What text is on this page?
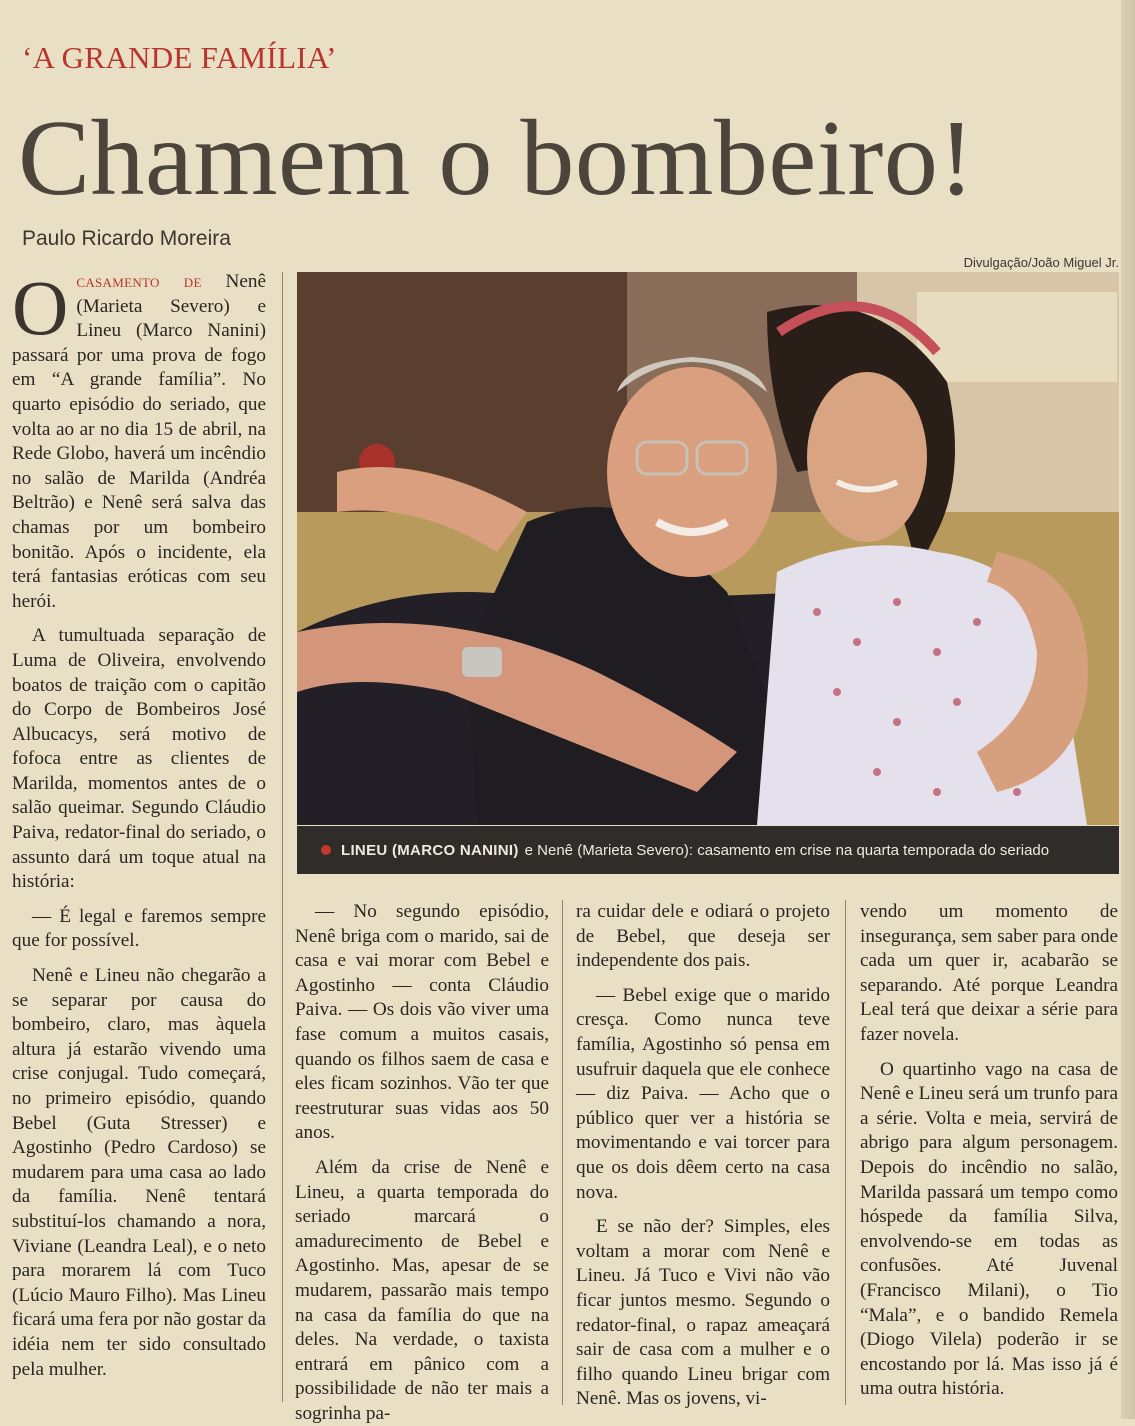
‘A GRANDE FAMÍLIA’
Chamem o bombeiro!
Paulo Ricardo Moreira
Divulgação/João Miguel Jr.
LINEU (MARCO NANINI) e Nenê (Marieta Severo): casamento em crise na quarta temporada do seriado

Ocasamento de Nenê (Marieta Severo) e Lineu (Marco Nanini) passará por uma prova de fogo em “A grande família”. No quarto episódio do seriado, que volta ao ar no dia 15 de abril, na Rede Globo, haverá um incêndio no salão de Marilda (Andréa Beltrão) e Nenê será salva das chamas por um bombeiro bonitão. Após o incidente, ela terá fantasias eróticas com seu herói.

A tumultuada separação de Luma de Oliveira, envolvendo boatos de traição com o capitão do Corpo de Bombeiros José Albucacys, será motivo de fofoca entre as clientes de Marilda, momentos antes de o salão queimar. Segundo Cláudio Paiva, redator-final do seriado, o assunto dará um toque atual na história:

— É legal e faremos sempre que for possível.

Nenê e Lineu não chegarão a se separar por causa do bombeiro, claro, mas àquela altura já estarão vivendo uma crise conjugal. Tudo começará, no primeiro episódio, quando Bebel (Guta Stresser) e Agostinho (Pedro Cardoso) se mudarem para uma casa ao lado da família. Nenê tentará substituí-los chamando a nora, Viviane (Leandra Leal), e o neto para morarem lá com Tuco (Lúcio Mauro Filho). Mas Lineu ficará uma fera por não gostar da idéia nem ter sido consultado pela mulher.

— No segundo episódio, Nenê briga com o marido, sai de casa e vai morar com Bebel e Agostinho — conta Cláudio Paiva. — Os dois vão viver uma fase comum a muitos casais, quando os filhos saem de casa e eles ficam sozinhos. Vão ter que reestruturar suas vidas aos 50 anos.

Além da crise de Nenê e Lineu, a quarta temporada do seriado marcará o amadurecimento de Bebel e Agostinho. Mas, apesar de se mudarem, passarão mais tempo na casa da família do que na deles. Na verdade, o taxista entrará em pânico com a possibilidade de não ter mais a sogrinha pa-

ra cuidar dele e odiará o projeto de Bebel, que deseja ser independente dos pais.

— Bebel exige que o marido cresça. Como nunca teve família, Agostinho só pensa em usufruir daquela que ele conhece — diz Paiva. — Acho que o público quer ver a história se movimentando e vai torcer para que os dois dêem certo na casa nova.

E se não der? Simples, eles voltam a morar com Nenê e Lineu. Já Tuco e Vivi não vão ficar juntos mesmo. Segundo o redator-final, o rapaz ameaçará sair de casa com a mulher e o filho quando Lineu brigar com Nenê. Mas os jovens, vi-

vendo um momento de insegurança, sem saber para onde cada um quer ir, acabarão se separando. Até porque Leandra Leal terá que deixar a série para fazer novela.

O quartinho vago na casa de Nenê e Lineu será um trunfo para a série. Volta e meia, servirá de abrigo para algum personagem. Depois do incêndio no salão, Marilda passará um tempo como hóspede da família Silva, envolvendo-se em todas as confusões. Até Juvenal (Francisco Milani), o Tio “Mala”, e o bandido Remela (Diogo Vilela) poderão ir se encostando por lá. Mas isso já é uma outra história.
